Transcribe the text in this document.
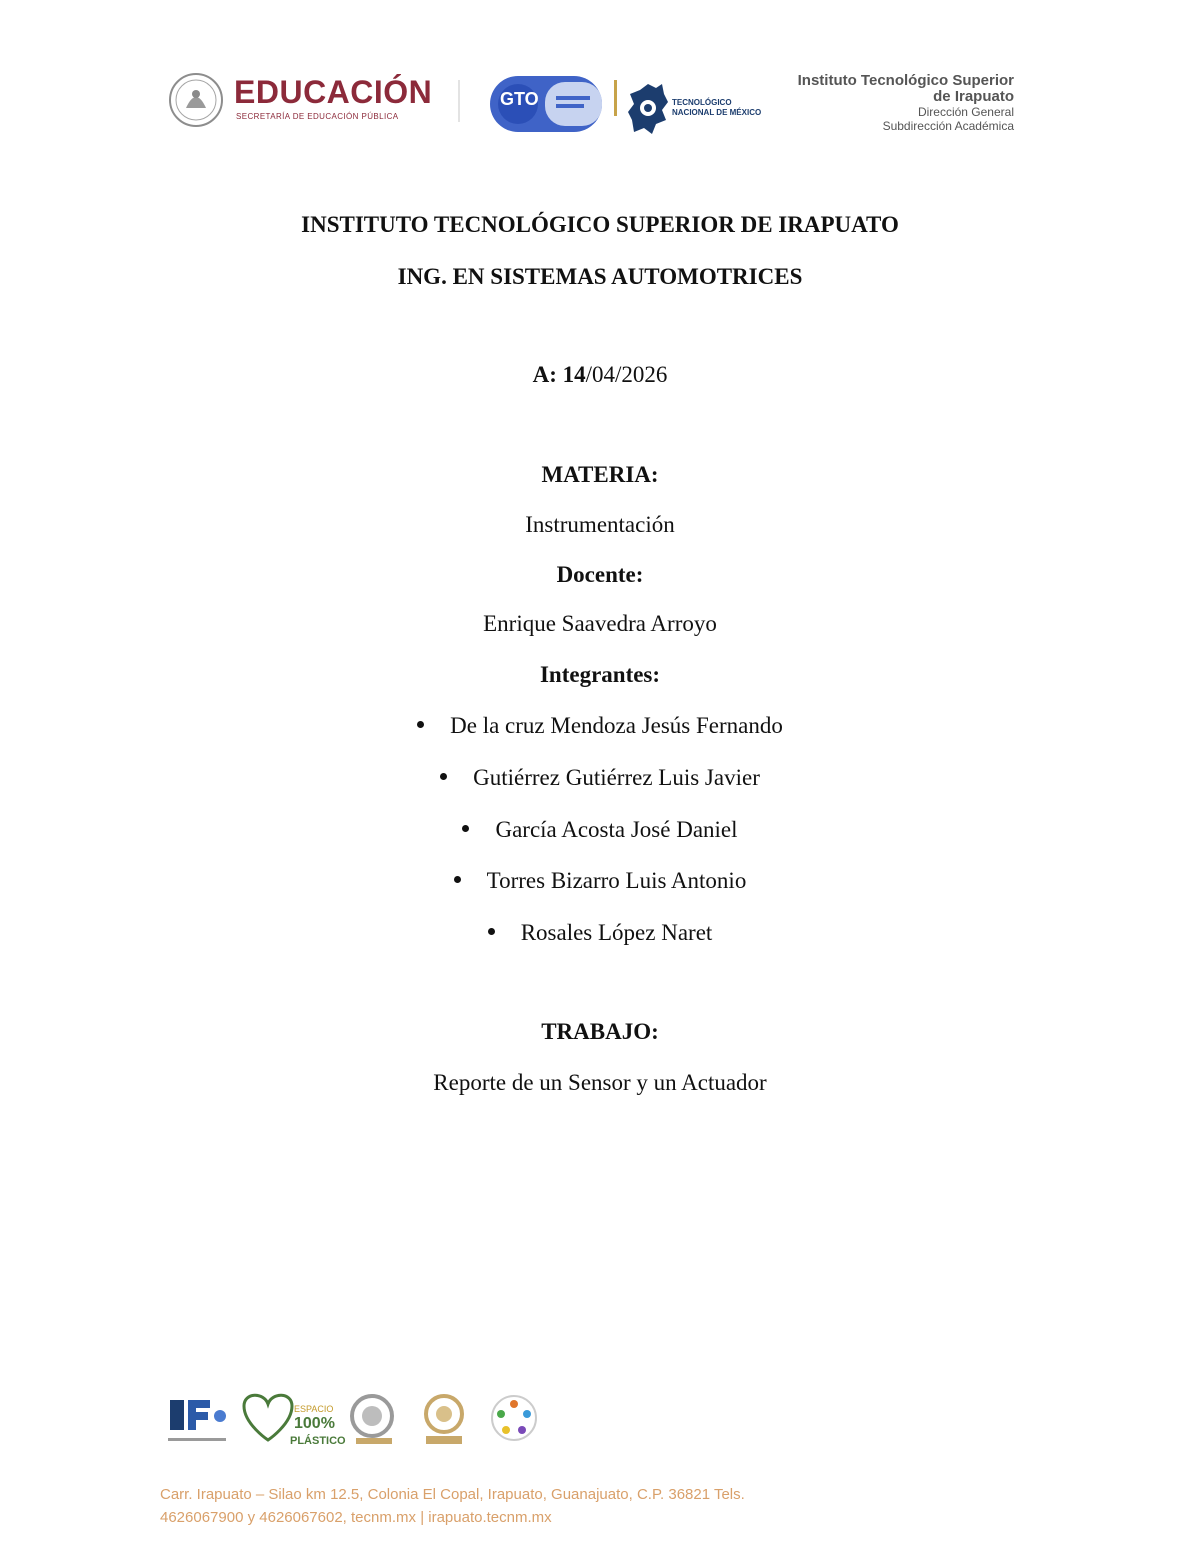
EDUCACIÓN
SECRETARÍA DE EDUCACIÓN PÚBLICA
GTO	TECNOLÓGICO
NACIONAL DE MÉXICO
Instituto Tecnológico Superior
de Irapuato
Dirección General
Subdirección Académica
INSTITUTO TECNOLÓGICO SUPERIOR DE IRAPUATO
ING. EN SISTEMAS AUTOMOTRICES
A: 14/04/2026
MATERIA:
Instrumentación
Docente:
Enrique Saavedra Arroyo
Integrantes:
De la cruz Mendoza Jesús Fernando
Gutiérrez Gutiérrez Luis Javier
García Acosta José Daniel
Torres Bizarro Luis Antonio
Rosales López Naret
TRABAJO:
Reporte de un Sensor y un Actuador
ESPACIO
100%
PLÁSTICO
Carr. Irapuato – Silao km 12.5, Colonia El Copal, Irapuato, Guanajuato, C.P. 36821 Tels.
4626067900 y 4626067602, tecnm.mx | irapuato.tecnm.mx
